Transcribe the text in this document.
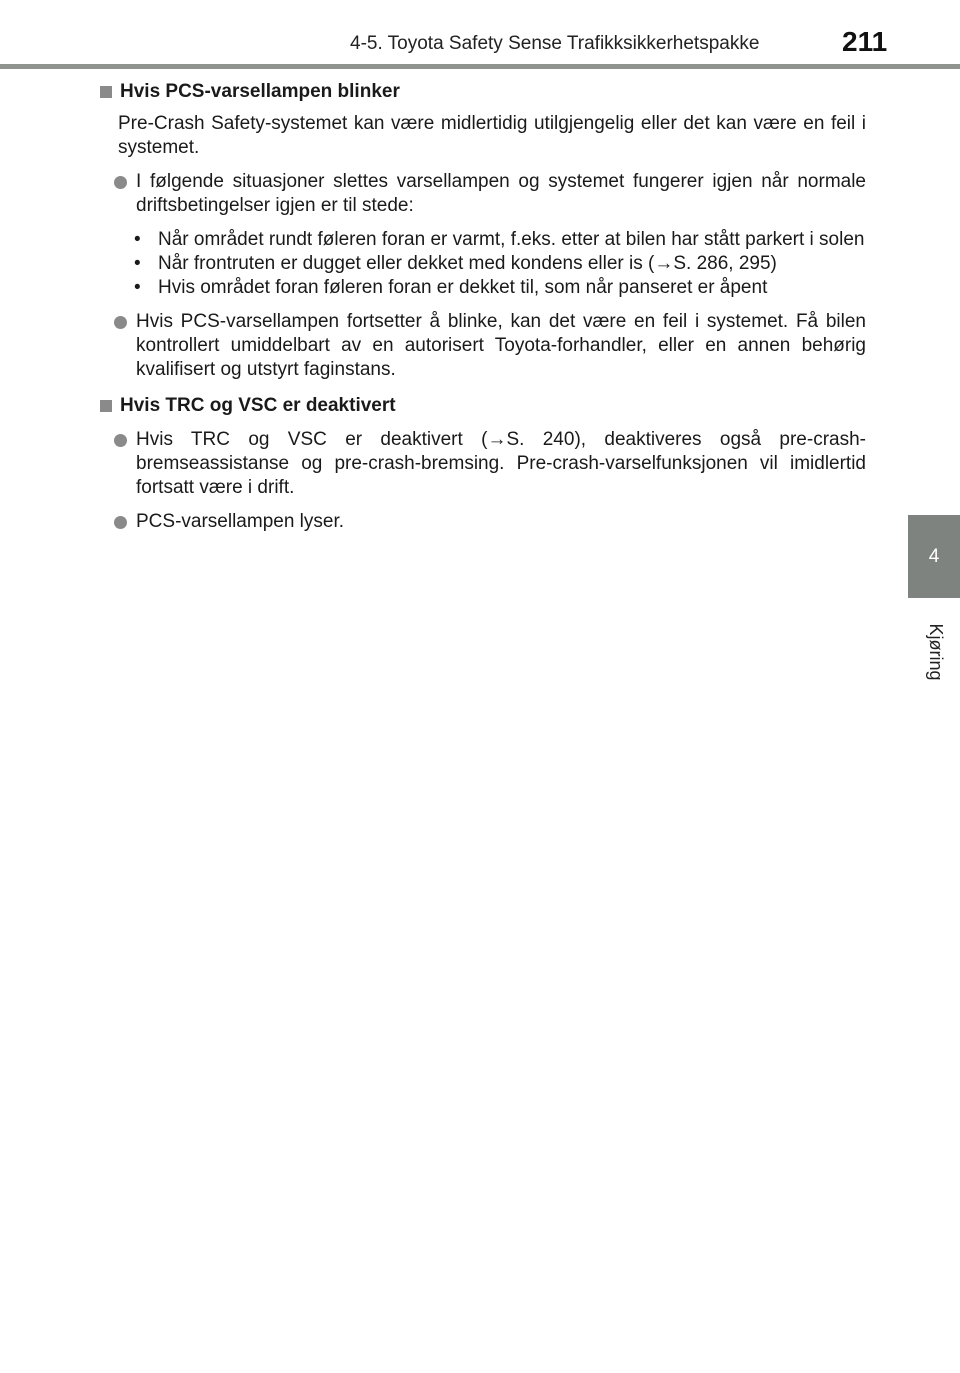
4-5. Toyota Safety Sense Trafikksikkerhetspakke	211
4
Kjøring
Hvis PCS-varsellampen blinker
Pre-Crash Safety-systemet kan være midlertidig utilgjengelig eller det kan være en feil i systemet.
I følgende situasjoner slettes varsellampen og systemet fungerer igjen når normale driftsbetingelser igjen er til stede:
• Når området rundt føleren foran er varmt, f.eks. etter at bilen har stått parkert i solen
• Når frontruten er dugget eller dekket med kondens eller is (→S. 286, 295)
• Hvis området foran føleren foran er dekket til, som når panseret er åpent
Hvis PCS-varsellampen fortsetter å blinke, kan det være en feil i systemet. Få bilen kontrollert umiddelbart av en autorisert Toyota-forhandler, eller en annen behørig kvalifisert og utstyrt faginstans.
Hvis TRC og VSC er deaktivert
Hvis TRC og VSC er deaktivert (→S. 240), deaktiveres også pre-crash-bremseassistanse og pre-crash-bremsing. Pre-crash-varselfunksjonen vil imidlertid fortsatt være i drift.
PCS-varsellampen lyser.
